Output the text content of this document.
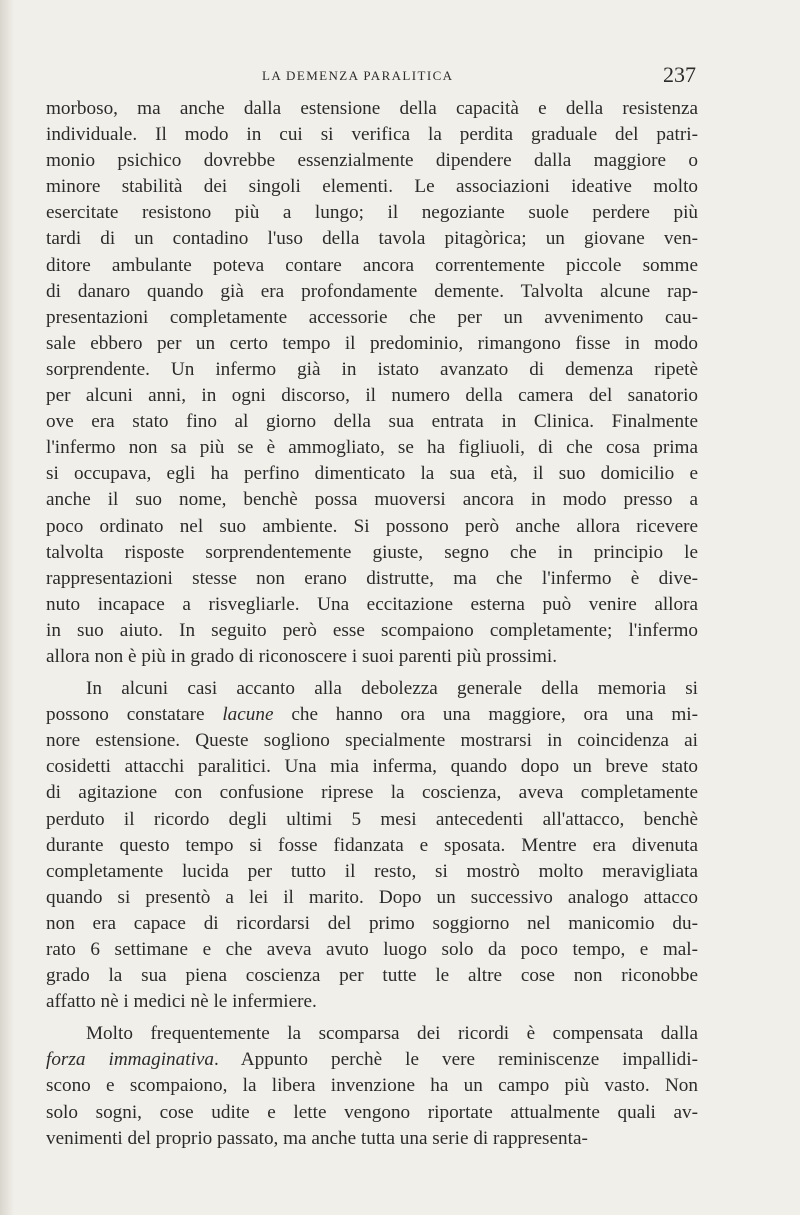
LA DEMENZA PARALITICA	237
morboso, ma anche dalla estensione della capacità e della resistenza
individuale. Il modo in cui si verifica la perdita graduale del patri-
monio psichico dovrebbe essenzialmente dipendere dalla maggiore o
minore stabilità dei singoli elementi. Le associazioni ideative molto
esercitate resistono più a lungo; il negoziante suole perdere più
tardi di un contadino l'uso della tavola pitagòrica; un giovane ven-
ditore ambulante poteva contare ancora correntemente piccole somme
di danaro quando già era profondamente demente. Talvolta alcune rap-
presentazioni completamente accessorie che per un avvenimento cau-
sale ebbero per un certo tempo il predominio, rimangono fisse in modo
sorprendente. Un infermo già in istato avanzato di demenza ripetè
per alcuni anni, in ogni discorso, il numero della camera del sanatorio
ove era stato fino al giorno della sua entrata in Clinica. Finalmente
l'infermo non sa più se è ammogliato, se ha figliuoli, di che cosa prima
si occupava, egli ha perfino dimenticato la sua età, il suo domicilio e
anche il suo nome, benchè possa muoversi ancora in modo presso a
poco ordinato nel suo ambiente. Si possono però anche allora ricevere
talvolta risposte sorprendentemente giuste, segno che in principio le
rappresentazioni stesse non erano distrutte, ma che l'infermo è dive-
nuto incapace a risvegliarle. Una eccitazione esterna può venire allora
in suo aiuto. In seguito però esse scompaiono completamente; l'infermo
allora non è più in grado di riconoscere i suoi parenti più prossimi.
In alcuni casi accanto alla debolezza generale della memoria si
possono constatare lacune che hanno ora una maggiore, ora una mi-
nore estensione. Queste sogliono specialmente mostrarsi in coincidenza ai
cosidetti attacchi paralitici. Una mia inferma, quando dopo un breve stato
di agitazione con confusione riprese la coscienza, aveva completamente
perduto il ricordo degli ultimi 5 mesi antecedenti all'attacco, benchè
durante questo tempo si fosse fidanzata e sposata. Mentre era divenuta
completamente lucida per tutto il resto, si mostrò molto meravigliata
quando si presentò a lei il marito. Dopo un successivo analogo attacco
non era capace di ricordarsi del primo soggiorno nel manicomio du-
rato 6 settimane e che aveva avuto luogo solo da poco tempo, e mal-
grado la sua piena coscienza per tutte le altre cose non riconobbe
affatto nè i medici nè le infermiere.
Molto frequentemente la scomparsa dei ricordi è compensata dalla
forza immaginativa. Appunto perchè le vere reminiscenze impallidi-
scono e scompaiono, la libera invenzione ha un campo più vasto. Non
solo sogni, cose udite e lette vengono riportate attualmente quali av-
venimenti del proprio passato, ma anche tutta una serie di rappresenta-
